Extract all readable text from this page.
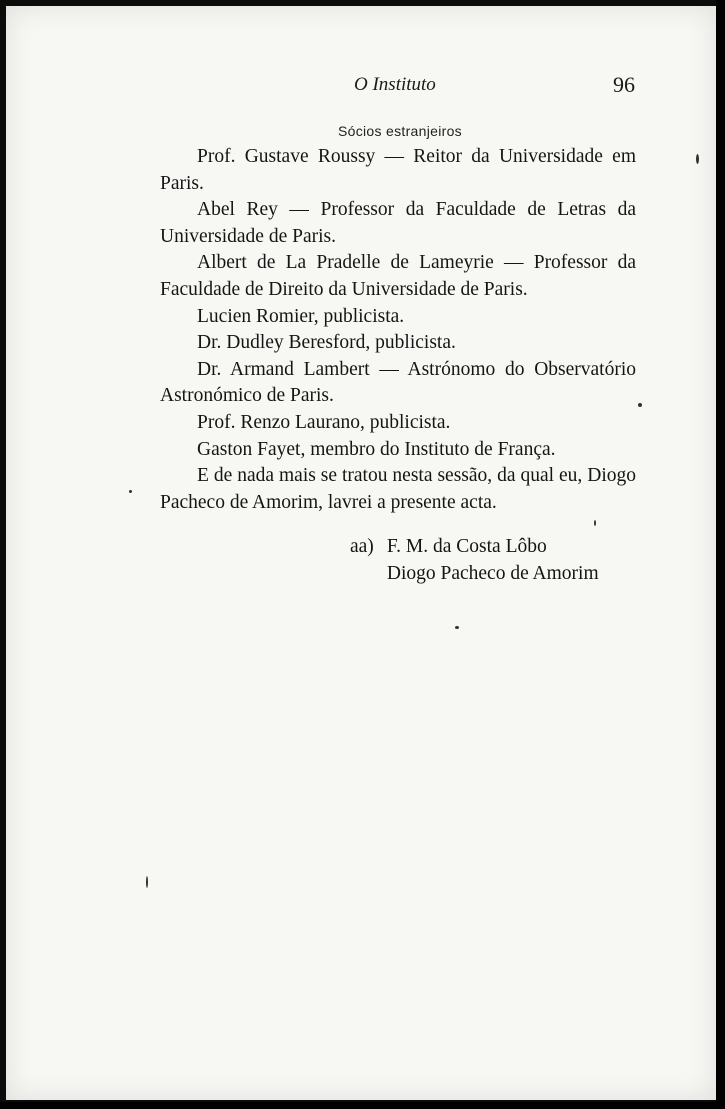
O Instituto	96
Sócios estranjeiros

Prof. Gustave Roussy — Reitor da Universidade em Paris.

Abel Rey — Professor da Faculdade de Letras da Universidade de Paris.

Albert de La Pradelle de Lameyrie — Professor da Faculdade de Direito da Universidade de Paris.

Lucien Romier, publicista.

Dr. Dudley Beresford, publicista.

Dr. Armand Lambert — Astrónomo do Observatório Astronómico de Paris.

Prof. Renzo Laurano, publicista.

Gaston Fayet, membro do Instituto de França.

E de nada mais se tratou nesta sessão, da qual eu, Diogo Pacheco de Amorim, lavrei a presente acta.

aa) F. M. da Costa Lôbo
Diogo Pacheco de Amorim
